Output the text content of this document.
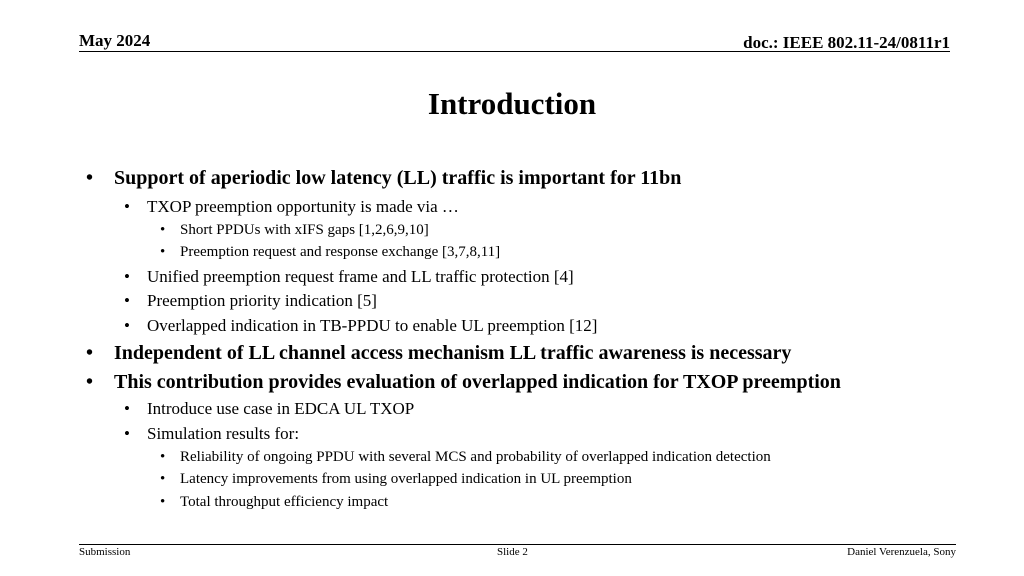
May 2024	doc.: IEEE 802.11-24/0811r1
Introduction
• Support of aperiodic low latency (LL) traffic is important for 11bn
• TXOP preemption opportunity is made via …
• Short PPDUs with xIFS gaps [1,2,6,9,10]
• Preemption request and response exchange [3,7,8,11]
• Unified preemption request frame and LL traffic protection [4]
• Preemption priority indication [5]
• Overlapped indication in TB-PPDU to enable UL preemption [12]
• Independent of LL channel access mechanism LL traffic awareness is necessary
• This contribution provides evaluation of overlapped indication for TXOP preemption
• Introduce use case in EDCA UL TXOP
• Simulation results for:
• Reliability of ongoing PPDU with several MCS and probability of overlapped indication detection
• Latency improvements from using overlapped indication in UL preemption
• Total throughput efficiency impact
Submission	Slide 2	Daniel Verenzuela, Sony
